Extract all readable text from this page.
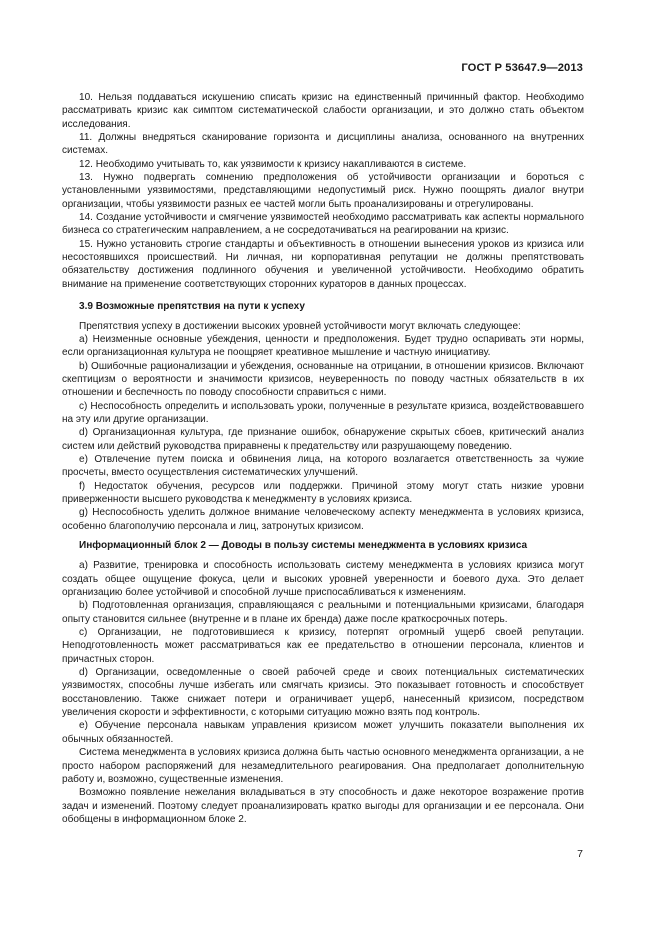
ГОСТ Р 53647.9—2013

10. Нельзя поддаваться искушению списать кризис на единственный причинный фактор. Необходимо рассматривать кризис как симптом систематической слабости организации, и это должно стать объектом исследования.

11. Должны внедряться сканирование горизонта и дисциплины анализа, основанного на внутренних системах.

12. Необходимо учитывать то, как уязвимости к кризису накапливаются в системе.

13. Нужно подвергать сомнению предположения об устойчивости организации и бороться с установленными уязвимостями, представляющими недопустимый риск. Нужно поощрять диалог внутри организации, чтобы уязвимости разных ее частей могли быть проанализированы и отрегулированы.

14. Создание устойчивости и смягчение уязвимостей необходимо рассматривать как аспекты нормального бизнеса со стратегическим направлением, а не сосредотачиваться на реагировании на кризис.

15. Нужно установить строгие стандарты и объективность в отношении вынесения уроков из кризиса или несостоявшихся происшествий. Ни личная, ни корпоративная репутации не должны препятствовать обязательству достижения подлинного обучения и увеличенной устойчивости. Необходимо обратить внимание на применение соответствующих сторонних кураторов в данных процессах.

3.9 Возможные препятствия на пути к успеху

Препятствия успеху в достижении высоких уровней устойчивости могут включать следующее:

a) Неизменные основные убеждения, ценности и предположения. Будет трудно оспаривать эти нормы, если организационная культура не поощряет креативное мышление и частную инициативу.

b) Ошибочные рационализации и убеждения, основанные на отрицании, в отношении кризисов. Включают скептицизм о вероятности и значимости кризисов, неуверенность по поводу частных обязательств в их отношении и беспечность по поводу способности справиться с ними.

c) Неспособность определить и использовать уроки, полученные в результате кризиса, воздействовавшего на эту или другие организации.

d) Организационная культура, где признание ошибок, обнаружение скрытых сбоев, критический анализ систем или действий руководства приравнены к предательству или разрушающему поведению.

e) Отвлечение путем поиска и обвинения лица, на которого возлагается ответственность за чужие просчеты, вместо осуществления систематических улучшений.

f) Недостаток обучения, ресурсов или поддержки. Причиной этому могут стать низкие уровни приверженности высшего руководства к менеджменту в условиях кризиса.

g) Неспособность уделить должное внимание человеческому аспекту менеджмента в условиях кризиса, особенно благополучию персонала и лиц, затронутых кризисом.

Информационный блок 2 — Доводы в пользу системы менеджмента в условиях кризиса

a) Развитие, тренировка и способность использовать систему менеджмента в условиях кризиса могут создать общее ощущение фокуса, цели и высоких уровней уверенности и боевого духа. Это делает организацию более устойчивой и способной лучше приспосабливаться к изменениям.

b) Подготовленная организация, справляющаяся с реальными и потенциальными кризисами, благодаря опыту становится сильнее (внутренне и в плане их бренда) даже после краткосрочных потерь.

c) Организации, не подготовившиеся к кризису, потерпят огромный ущерб своей репутации. Неподготовленность может рассматриваться как ее предательство в отношении персонала, клиентов и причастных сторон.

d) Организации, осведомленные о своей рабочей среде и своих потенциальных систематических уязвимостях, способны лучше избегать или смягчать кризисы. Это показывает готовность и способствует восстановлению. Также снижает потери и ограничивает ущерб, нанесенный кризисом, посредством увеличения скорости и эффективности, с которыми ситуацию можно взять под контроль.

e) Обучение персонала навыкам управления кризисом может улучшить показатели выполнения их обычных обязанностей.

Система менеджмента в условиях кризиса должна быть частью основного менеджмента организации, а не просто набором распоряжений для незамедлительного реагирования. Она предполагает дополнительную работу и, возможно, существенные изменения.

Возможно появление нежелания вкладываться в эту способность и даже некоторое возражение против задач и изменений. Поэтому следует проанализировать кратко выгоды для организации и ее персонала. Они обобщены в информационном блоке 2.

7
